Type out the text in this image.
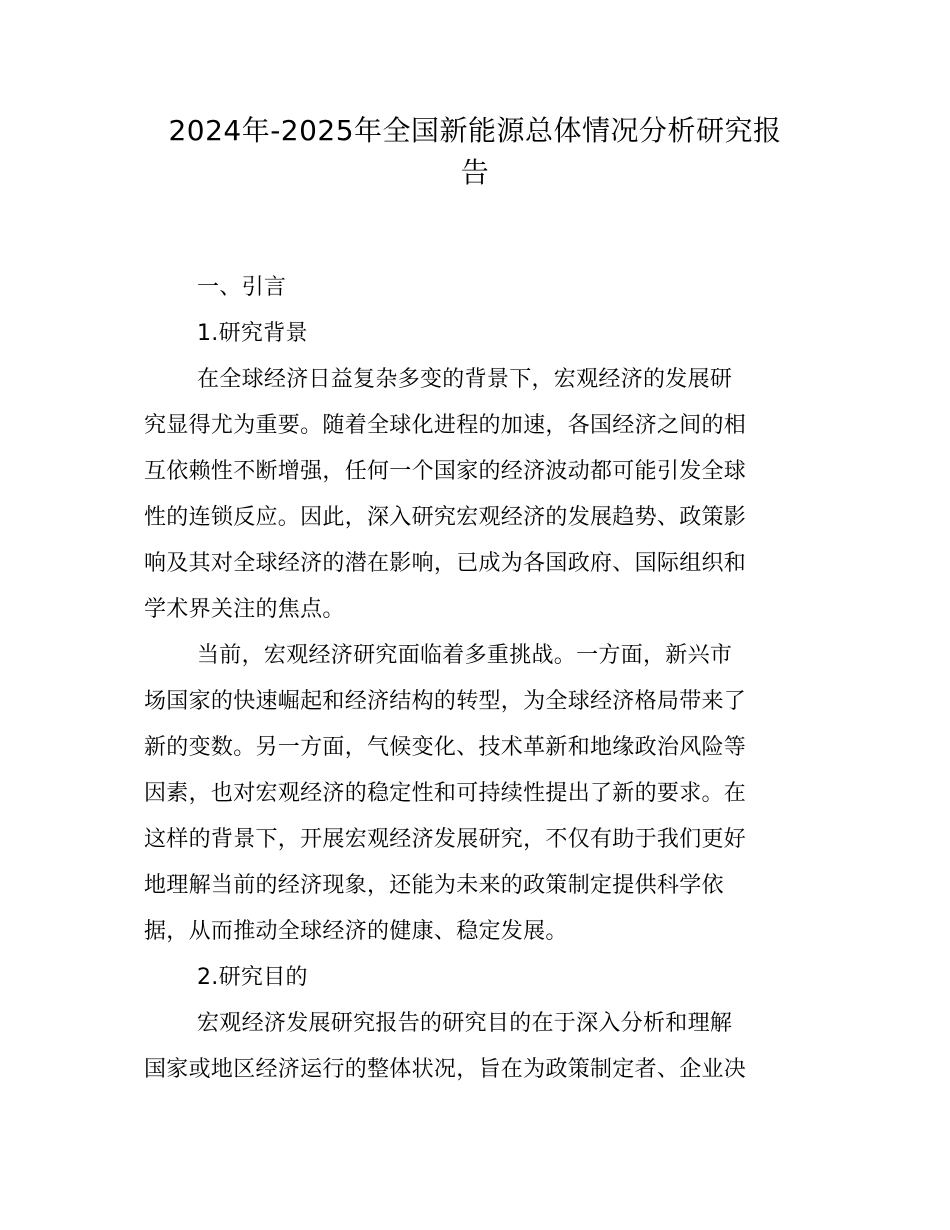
2024年-2025年全国新能源总体情况分析研究报
告
一、引言
1.研究背景
在全球经济日益复杂多变的背景下，宏观经济的发展研
究显得尤为重要。随着全球化进程的加速，各国经济之间的相
互依赖性不断增强，任何一个国家的经济波动都可能引发全球
性的连锁反应。因此，深入研究宏观经济的发展趋势、政策影
响及其对全球经济的潜在影响，已成为各国政府、国际组织和
学术界关注的焦点。
当前，宏观经济研究面临着多重挑战。一方面，新兴市
场国家的快速崛起和经济结构的转型，为全球经济格局带来了
新的变数。另一方面，气候变化、技术革新和地缘政治风险等
因素，也对宏观经济的稳定性和可持续性提出了新的要求。在
这样的背景下，开展宏观经济发展研究，不仅有助于我们更好
地理解当前的经济现象，还能为未来的政策制定提供科学依
据，从而推动全球经济的健康、稳定发展。
2.研究目的
宏观经济发展研究报告的研究目的在于深入分析和理解
国家或地区经济运行的整体状况，旨在为政策制定者、企业决
